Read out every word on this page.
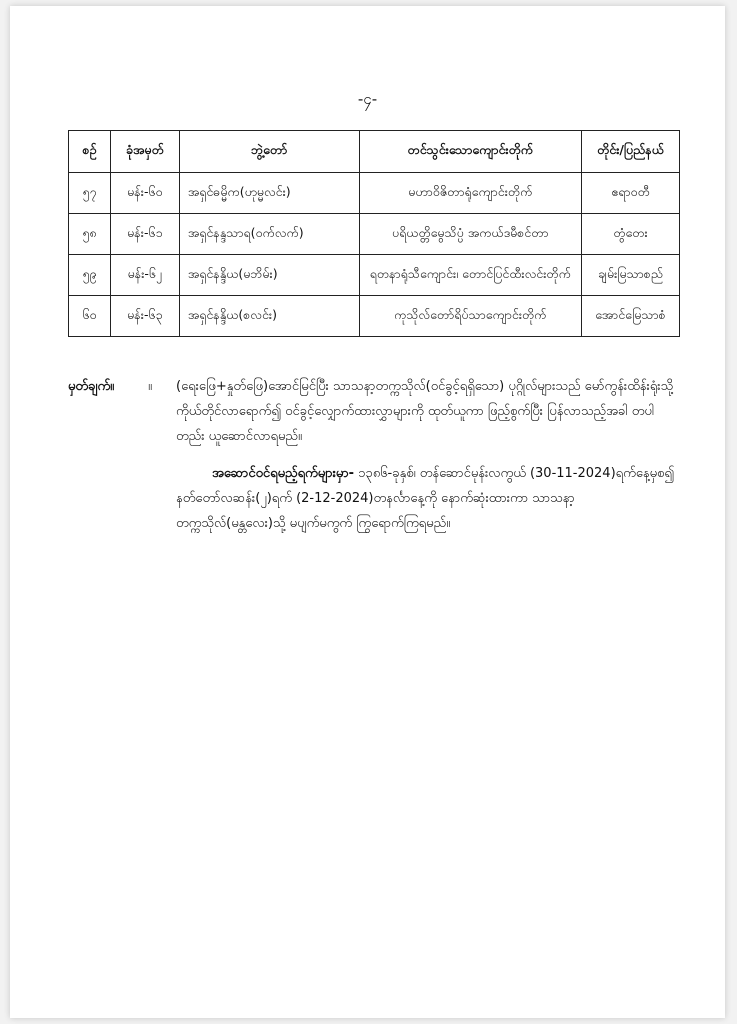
-၄-
စဉ်	ခုံအမှတ်	ဘွဲ့တော်	တင်သွင်းသောကျောင်းတိုက်	တိုင်း/ပြည်နယ်
၅၇	မန်း-၆၀	အရှင်ဓမ္မိက(ဟုမ္မလင်း)	မဟာဝိဇိတာရုံကျောင်းတိုက်	ဧရာဝတီ
၅၈	မန်း-၆၁	အရှင်နန္ဒသာရ(ဝက်လက်)	ပရိယတ္တိမွေသိပ္ပံ အကယ်ဒမီစင်တာ	တွံတေး
၅၉	မန်း-၆၂	အရှင်နန္ဒိယ(မဘိမ်း)	ရတနာရုံသီကျောင်း၊ တောင်ပြင်ထီးလင်းတိုက်	ချမ်းမြသာစည်
၆၀	မန်း-၆၃	အရှင်နန္ဒိယ(စလင်း)	ကုသိုလ်တော်ရိပ်သာကျောင်းတိုက်	အောင်မြေသာစံ
မှတ်ချက်။	။ (ရေးဖြေ+နှုတ်ဖြေ)အောင်မြင်ပြီး သာသနာ့တက္ကသိုလ်(ဝင်ခွင့်ရရှိသော) ပုဂ္ဂိုလ်များသည် မော်ကွန်းထိန်းရုံးသို့ ကိုယ်တိုင်လာရောက်၍ ဝင်ခွင့်လျှောက်ထားလွှာများကို ထုတ်ယူကာ ဖြည့်စွက်ပြီး ပြန်လာသည့်အခါ တပါတည်း ယူဆောင်လာရမည်။
အဆောင်ဝင်ရမည့်ရက်များမှာ- ၁၃၈၆-ခုနှစ်၊ တန်ဆောင်မုန်းလကွယ် (30-11-2024)ရက်နေ့မှစ၍ နတ်တော်လဆန်း(၂)ရက် (2-12-2024)တနင်္လာနေ့ကို နောက်ဆုံးထားကာ သာသနာ့တက္ကသိုလ်(မန္တလေး)သို့ မပျက်မကွက် ကြွရောက်ကြရမည်။
